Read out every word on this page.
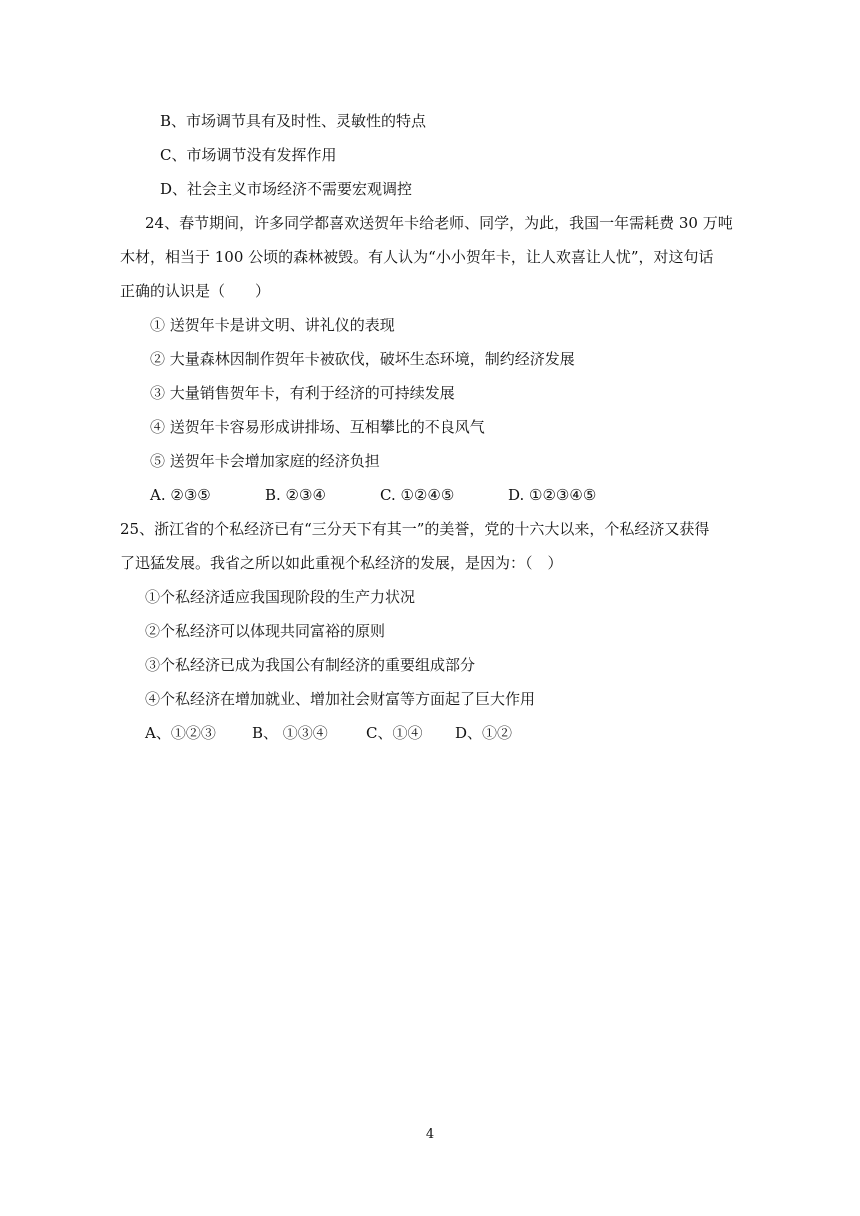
B、市场调节具有及时性、灵敏性的特点
C、市场调节没有发挥作用
D、社会主义市场经济不需要宏观调控
24、春节期间，许多同学都喜欢送贺年卡给老师、同学，为此，我国一年需耗费 30 万吨
木材，相当于 100 公顷的森林被毁。有人认为“小小贺年卡，让人欢喜让人忧”，对这句话
正确的认识是（　　）
① 送贺年卡是讲文明、讲礼仪的表现
② 大量森林因制作贺年卡被砍伐，破坏生态环境，制约经济发展
③ 大量销售贺年卡，有利于经济的可持续发展
④ 送贺年卡容易形成讲排场、互相攀比的不良风气
⑤ 送贺年卡会增加家庭的经济负担
A. ②③⑤	B. ②③④	C. ①②④⑤	D. ①②③④⑤
25、浙江省的个私经济已有“三分天下有其一”的美誉，党的十六大以来，个私经济又获得
了迅猛发展。我省之所以如此重视个私经济的发展，是因为：（　）
①个私经济适应我国现阶段的生产力状况
②个私经济可以体现共同富裕的原则
③个私经济已成为我国公有制经济的重要组成部分
④个私经济在增加就业、增加社会财富等方面起了巨大作用
A、①②③ B、 ①③④	C、①④ D、①②
4
